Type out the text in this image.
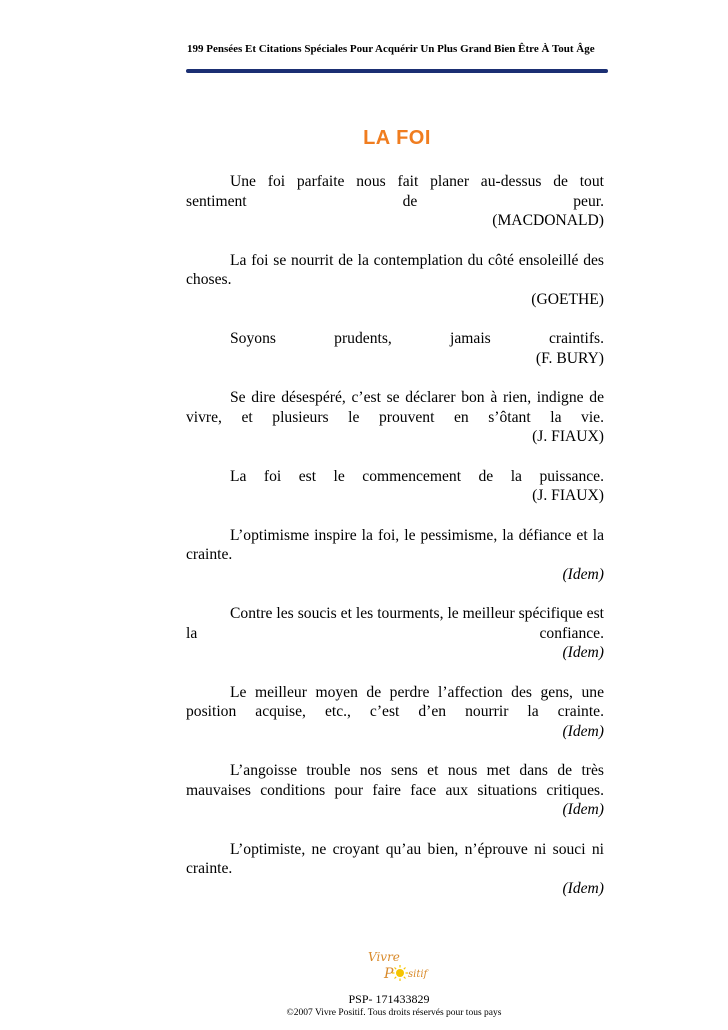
199 Pensées Et Citations Spéciales Pour Acquérir Un Plus Grand Bien Être À Tout Âge
LA FOI
Une foi parfaite nous fait planer au-dessus de tout sentiment de peur.
(MACDONALD)
La foi se nourrit de la contemplation du côté ensoleillé des choses.
(GOETHE)
Soyons prudents, jamais craintifs.
(F. BURY)
Se dire désespéré, c’est se déclarer bon à rien, indigne de vivre, et plusieurs le prouvent en s’ôtant la vie.
(J. FIAUX)
La foi est le commencement de la puissance.
(J. FIAUX)
L’optimisme inspire la foi, le pessimisme, la défiance et la crainte.
(Idem)
Contre les soucis et les tourments, le meilleur spécifique est la confiance.
(Idem)
Le meilleur moyen de perdre l’affection des gens, une position acquise, etc., c’est d’en nourrir la crainte.
(Idem)
L’angoisse trouble nos sens et nous met dans de très mauvaises conditions pour faire face aux situations critiques.
(Idem)
L’optimiste, ne croyant qu’au bien, n’éprouve ni souci ni crainte.
(Idem)
Vivre
P sitif
PSP- 171433829
©2007 Vivre Positif. Tous droits réservés pour tous pays
